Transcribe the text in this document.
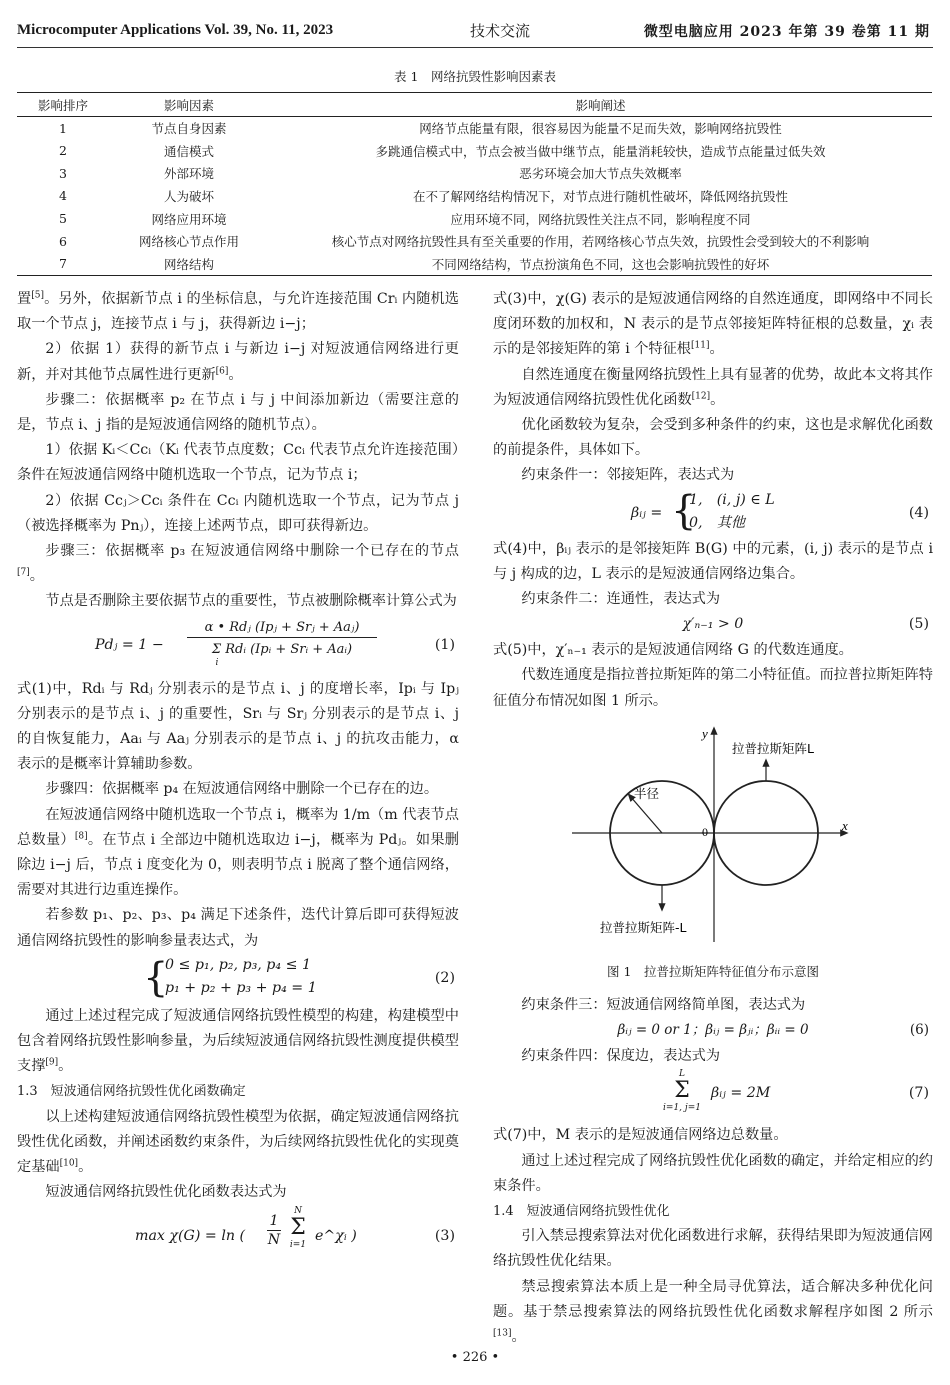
Microcomputer Applications Vol. 39, No. 11, 2023	技术交流	微型电脑应用 2023 年第 39 卷第 11 期
表 1　网络抗毁性影响因素表
影响排序	影响因素	影响阐述
1	节点自身因素	网络节点能量有限，很容易因为能量不足而失效，影响网络抗毁性
2	通信模式	多跳通信模式中，节点会被当做中继节点，能量消耗较快，造成节点能量过低失效
3	外部环境	恶劣环境会加大节点失效概率
4	人为破坏	在不了解网络结构情况下，对节点进行随机性破坏，降低网络抗毁性
5	网络应用环境	应用环境不同，网络抗毁性关注点不同，影响程度不同
6	网络核心节点作用	核心节点对网络抗毁性具有至关重要的作用，若网络核心节点失效，抗毁性会受到较大的不利影响
7	网络结构	不同网络结构，节点扮演角色不同，这也会影响抗毁性的好坏

置[5]。另外，依据新节点 i 的坐标信息，与允许连接范围 Crᵢ 内随机选取一个节点 j，连接节点 i 与 j，获得新边 i−j；

2）依据 1）获得的新节点 i 与新边 i−j 对短波通信网络进行更新，并对其他节点属性进行更新[6]。

步骤二：依据概率 p₂ 在节点 i 与 j 中间添加新边（需要注意的是，节点 i、j 指的是短波通信网络的随机节点）。

1）依据 Kᵢ＜Ccᵢ（Kᵢ 代表节点度数；Ccᵢ 代表节点允许连接范围）条件在短波通信网络中随机选取一个节点，记为节点 i；

2）依据 Ccⱼ＞Ccᵢ 条件在 Ccᵢ 内随机选取一个节点，记为节点 j（被选择概率为 Pnⱼ），连接上述两节点，即可获得新边。

步骤三：依据概率 p₃ 在短波通信网络中删除一个已存在的节点[7]。

节点是否删除主要依据节点的重要性，节点被删除概率计算公式为

Pdⱼ = 1 −
α • Rdⱼ (Ipⱼ + Srⱼ + Aaⱼ)
Σ Rdᵢ (Ipᵢ + Srᵢ + Aaᵢ)
i
(1)

式(1)中，Rdᵢ 与 Rdⱼ 分别表示的是节点 i、j 的度增长率，Ipᵢ 与 Ipⱼ 分别表示的是节点 i、j 的重要性，Srᵢ 与 Srⱼ 分别表示的是节点 i、j 的自恢复能力，Aaᵢ 与 Aaⱼ 分别表示的是节点 i、j 的抗攻击能力，α 表示的是概率计算辅助参数。

步骤四：依据概率 p₄ 在短波通信网络中删除一个已存在的边。

在短波通信网络中随机选取一个节点 i，概率为 1/m（m 代表节点总数量）[8]。在节点 i 全部边中随机选取边 i−j，概率为 Pdⱼ。如果删除边 i−j 后，节点 i 度变化为 0，则表明节点 i 脱离了整个通信网络，需要对其进行边重连操作。

若参数 p₁、p₂、p₃、p₄ 满足下述条件，迭代计算后即可获得短波通信网络抗毁性的影响参量表达式，为

{
0 ≤ p₁, p₂, p₃, p₄ ≤ 1
p₁ + p₂ + p₃ + p₄ = 1
(2)

通过上述过程完成了短波通信网络抗毁性模型的构建，构建模型中包含着网络抗毁性影响参量，为后续短波通信网络抗毁性测度提供模型支撑[9]。

1.3　短波通信网络抗毁性优化函数确定

以上述构建短波通信网络抗毁性模型为依据，确定短波通信网络抗毁性优化函数，并阐述函数约束条件，为后续网络抗毁性优化的实现奠定基础[10]。

短波通信网络抗毁性优化函数表达式为

max χ(G) = ln ( $\frac{1}{N}$
N
Σ
i=1
e^χᵢ )	(3)

式(3)中，χ(G) 表示的是短波通信网络的自然连通度，即网络中不同长度闭环数的加权和，N 表示的是节点邻接矩阵特征根的总数量，χᵢ 表示的是邻接矩阵的第 i 个特征根[11]。

自然连通度在衡量网络抗毁性上具有显著的优势，故此本文将其作为短波通信网络抗毁性优化函数[12]。

优化函数较为复杂，会受到多种条件的约束，这也是求解优化函数的前提条件，具体如下。

约束条件一：邻接矩阵，表达式为

βᵢⱼ = {
1,　(i, j) ∈ L
0,　其他
(4)

式(4)中，βᵢⱼ 表示的是邻接矩阵 B(G) 中的元素，(i, j) 表示的是节点 i 与 j 构成的边，L 表示的是短波通信网络边集合。

约束条件二：连通性，表达式为

χ′ₙ₋₁ > 0	(5)

式(5)中，χ′ₙ₋₁ 表示的是短波通信网络 G 的代数连通度。

代数连通度是指拉普拉斯矩阵的第二小特征值。而拉普拉斯矩阵特征值分布情况如图 1 所示。

y
x
0
拉普拉斯矩阵L
半径
拉普拉斯矩阵-L
图 1　拉普拉斯矩阵特征值分布示意图

约束条件三：短波通信网络简单图，表达式为

βᵢⱼ = 0 or 1；βᵢⱼ = βⱼᵢ；βᵢᵢ = 0	(6)

约束条件四：保度边，表达式为

L
Σ
i=1, j=1
βᵢⱼ = 2M	(7)

式(7)中，M 表示的是短波通信网络边总数量。

通过上述过程完成了网络抗毁性优化函数的确定，并给定相应的约束条件。

1.4　短波通信网络抗毁性优化

引入禁忌搜索算法对优化函数进行求解，获得结果即为短波通信网络抗毁性优化结果。

禁忌搜索算法本质上是一种全局寻优算法，适合解决多种优化问题。基于禁忌搜索算法的网络抗毁性优化函数求解程序如图 2 所示[13]。

• 226 •
